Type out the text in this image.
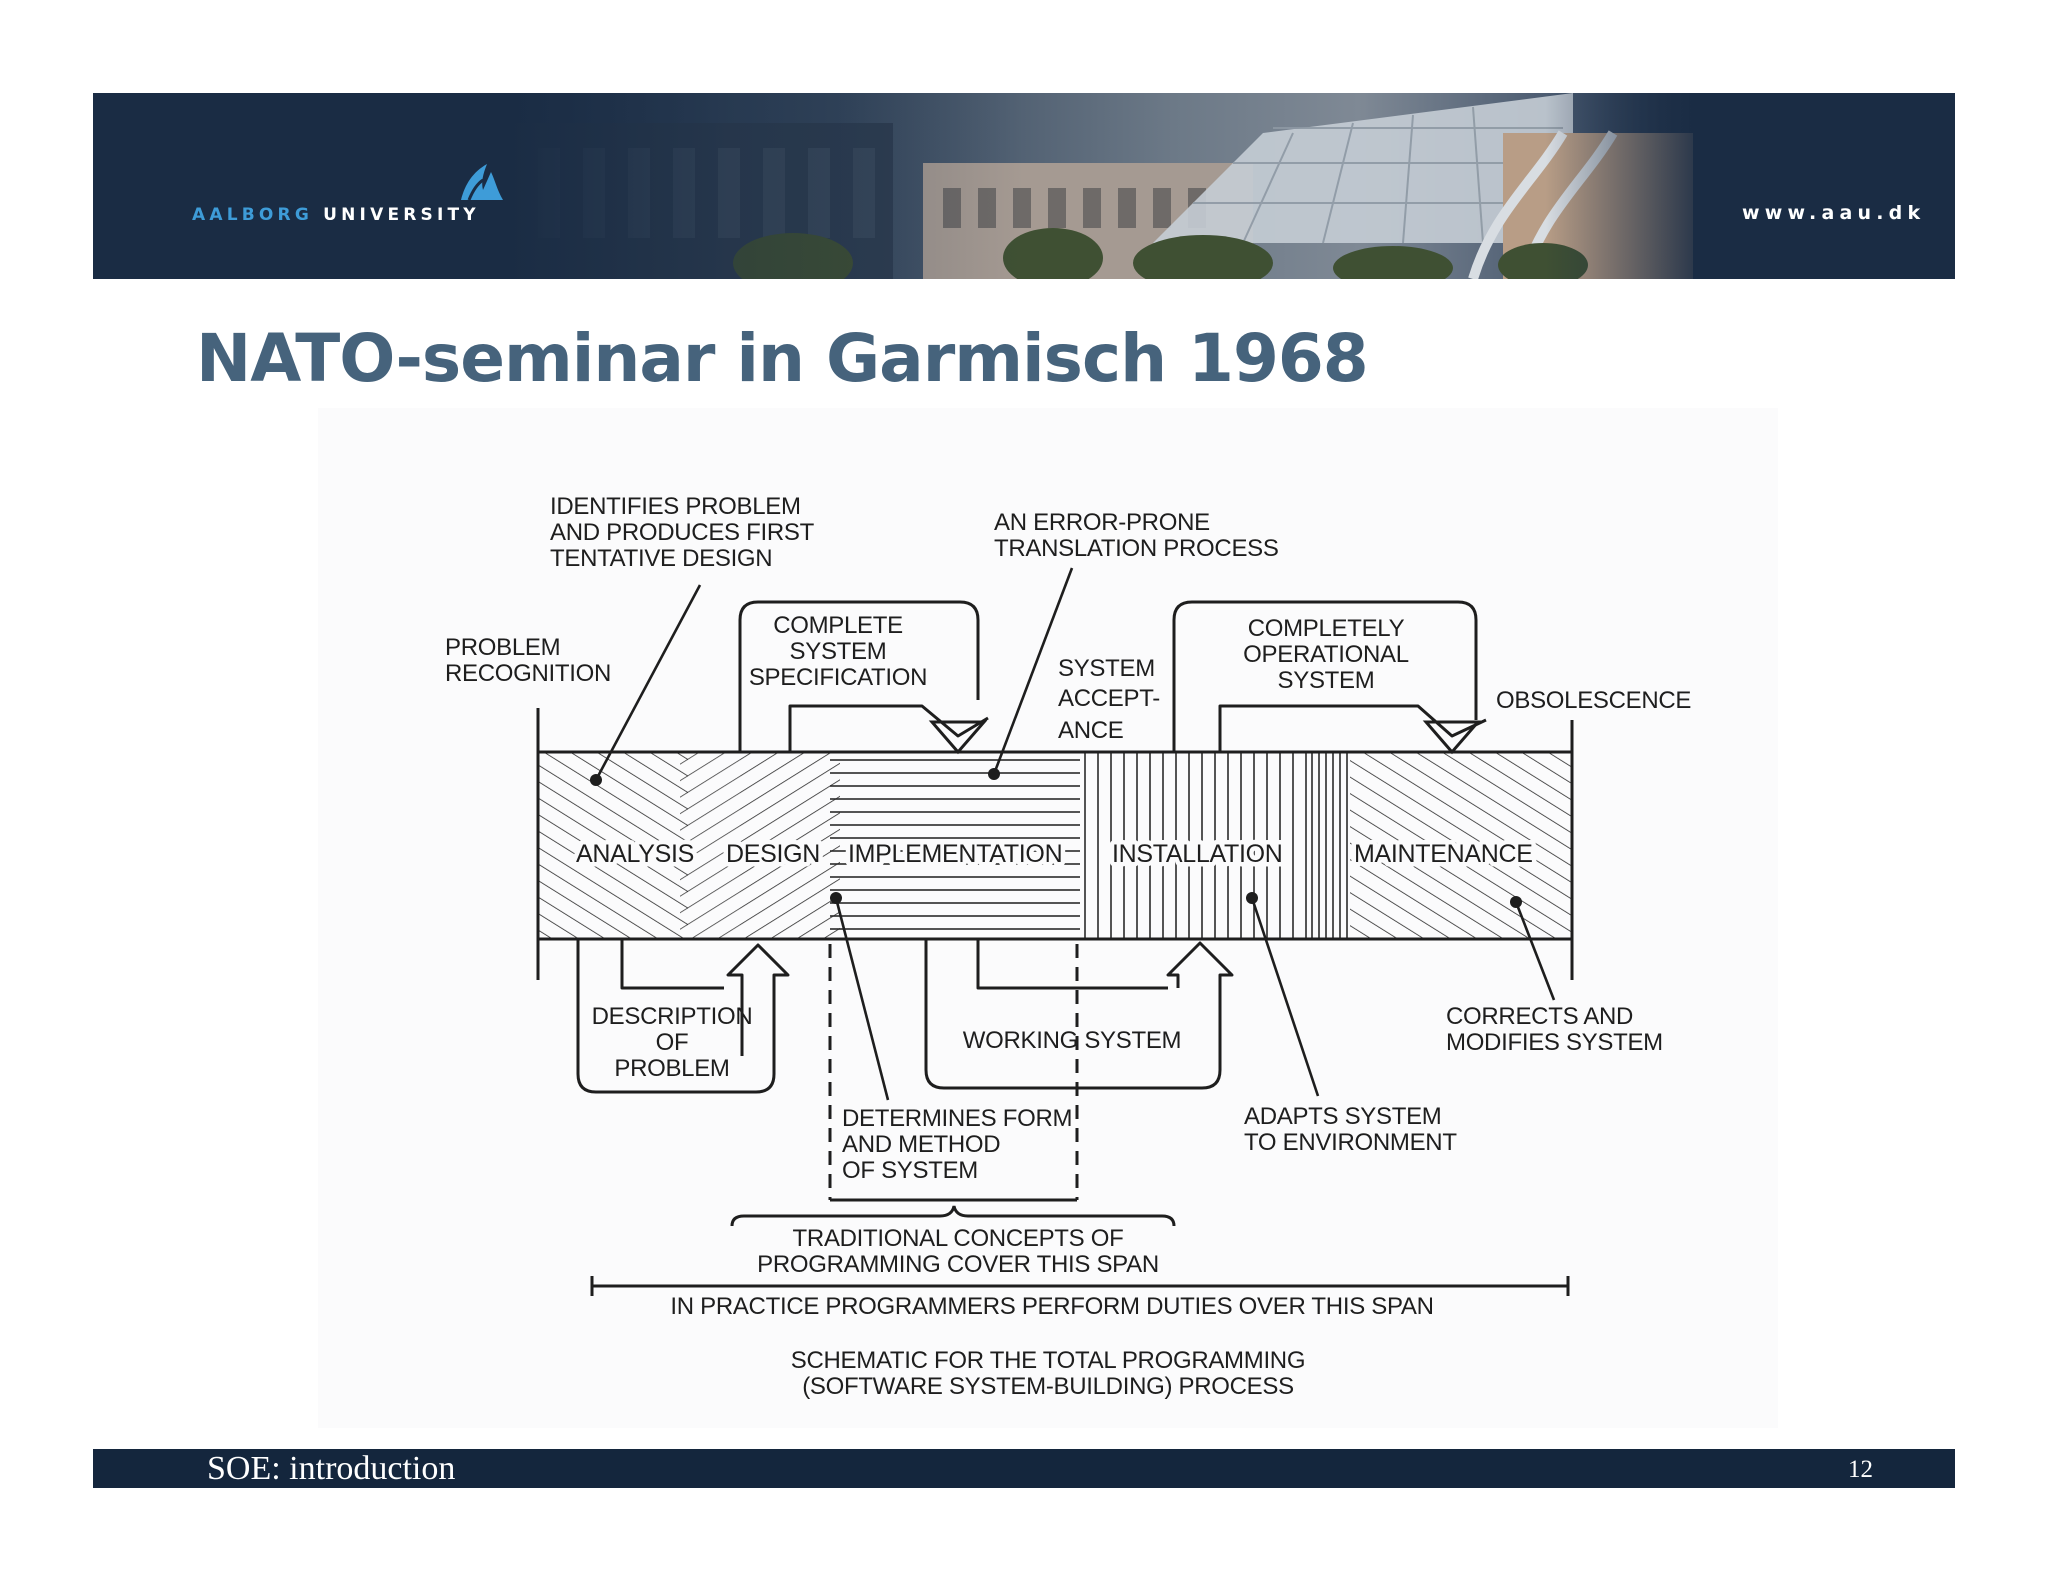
AALBORG UNIVERSITY	www.aau.dk
NATO-seminar in Garmisch 1968
ANALYSIS DESIGN IMPLEMENTATION INSTALLATION	MAINTENANCE
IDENTIFIES PROBLEM
AND PRODUCES FIRST
TENTATIVE DESIGN
AN ERROR-PRONE
TRANSLATION PROCESS
PROBLEM
RECOGNITION
COMPLETE
SYSTEM
SPECIFICATION	SYSTEM
ACCEPT-
ANCE
COMPLETELY
OPERATIONAL
SYSTEM
OBSOLESCENCE
DESCRIPTION
OF
PROBLEM
WORKING SYSTEM
CORRECTS AND
MODIFIES SYSTEM
DETERMINES FORM
AND METHOD
OF SYSTEM
ADAPTS SYSTEM
TO ENVIRONMENT
TRADITIONAL CONCEPTS OF
PROGRAMMING COVER THIS SPAN
IN PRACTICE PROGRAMMERS PERFORM DUTIES OVER THIS SPAN
SCHEMATIC FOR THE TOTAL PROGRAMMING
(SOFTWARE SYSTEM-BUILDING) PROCESS
SOE: introduction	12
